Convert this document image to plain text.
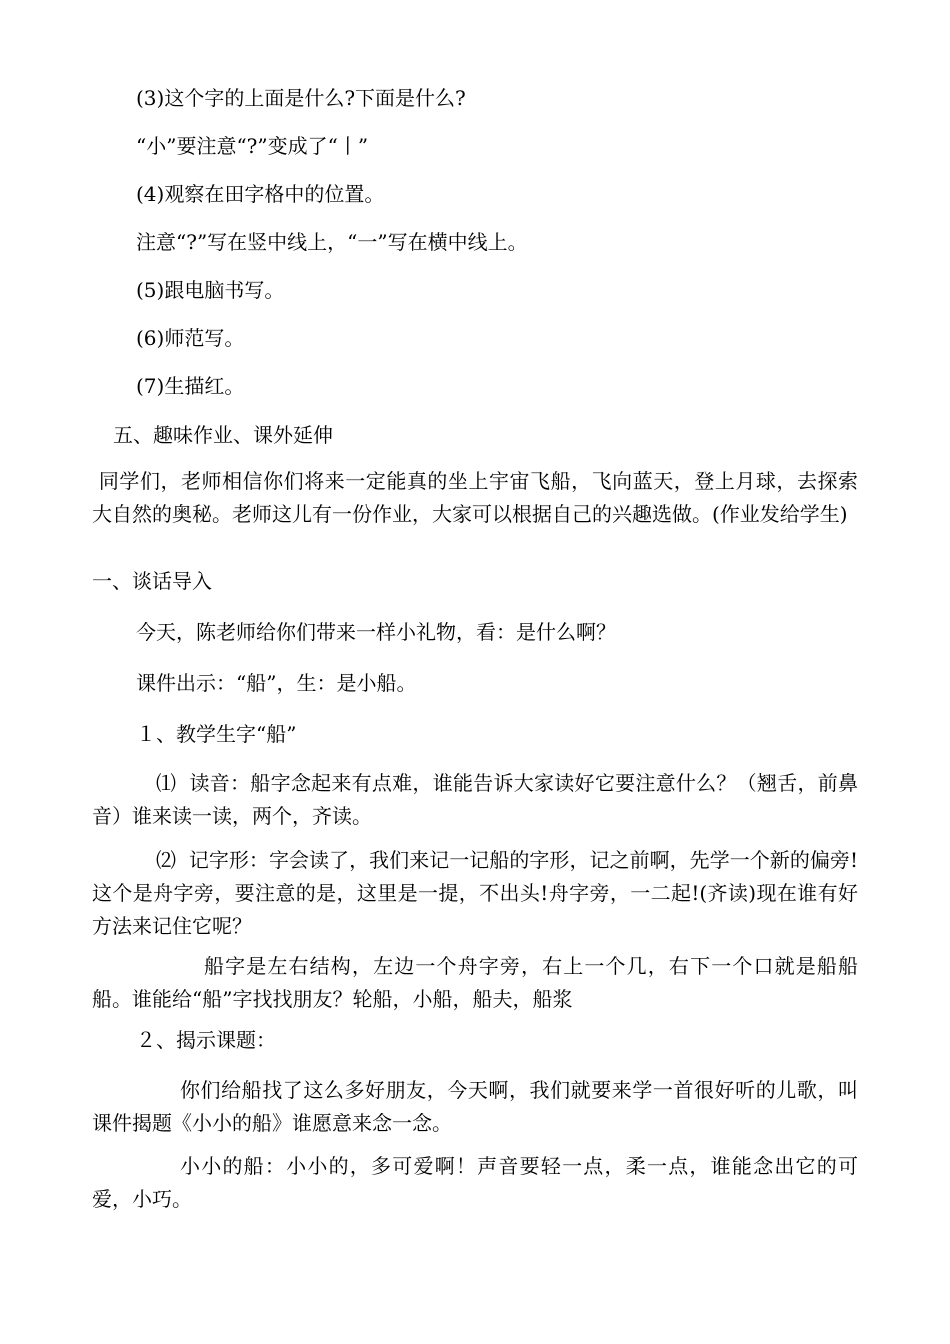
(3)这个字的上面是什么?下面是什么?

“小”要注意“?”变成了“丨”

(4)观察在田字格中的位置。

注意“?”写在竖中线上，“一”写在横中线上。

(5)跟电脑书写。

(6)师范写。

(7)生描红。

五、趣味作业、课外延伸

同学们，老师相信你们将来一定能真的坐上宇宙飞船，飞向蓝天，登上月球，去探索大自然的奥秘。老师这儿有一份作业，大家可以根据自己的兴趣选做。(作业发给学生)

一、谈话导入

今天，陈老师给你们带来一样小礼物，看：是什么啊？

课件出示：“船”，生：是小船。

１、教学生字“船”

⑴  读音：船字念起来有点难，谁能告诉大家读好它要注意什么？（翘舌，前鼻音）谁来读一读，两个，齐读。

⑵  记字形：字会读了，我们来记一记船的字形，记之前啊，先学一个新的偏旁!这个是舟字旁，要注意的是，这里是一提，不出头!舟字旁，一二起!(齐读)现在谁有好方法来记住它呢？

船字是左右结构，左边一个舟字旁，右上一个几，右下一个口就是船船船。谁能给“船”字找找朋友？轮船，小船，船夫，船浆

２、揭示课题：

你们给船找了这么多好朋友，今天啊，我们就要来学一首很好听的儿歌，叫课件揭题《小小的船》谁愿意来念一念。

小小的船：小小的，多可爱啊！声音要轻一点，柔一点，谁能念出它的可爱，小巧。
